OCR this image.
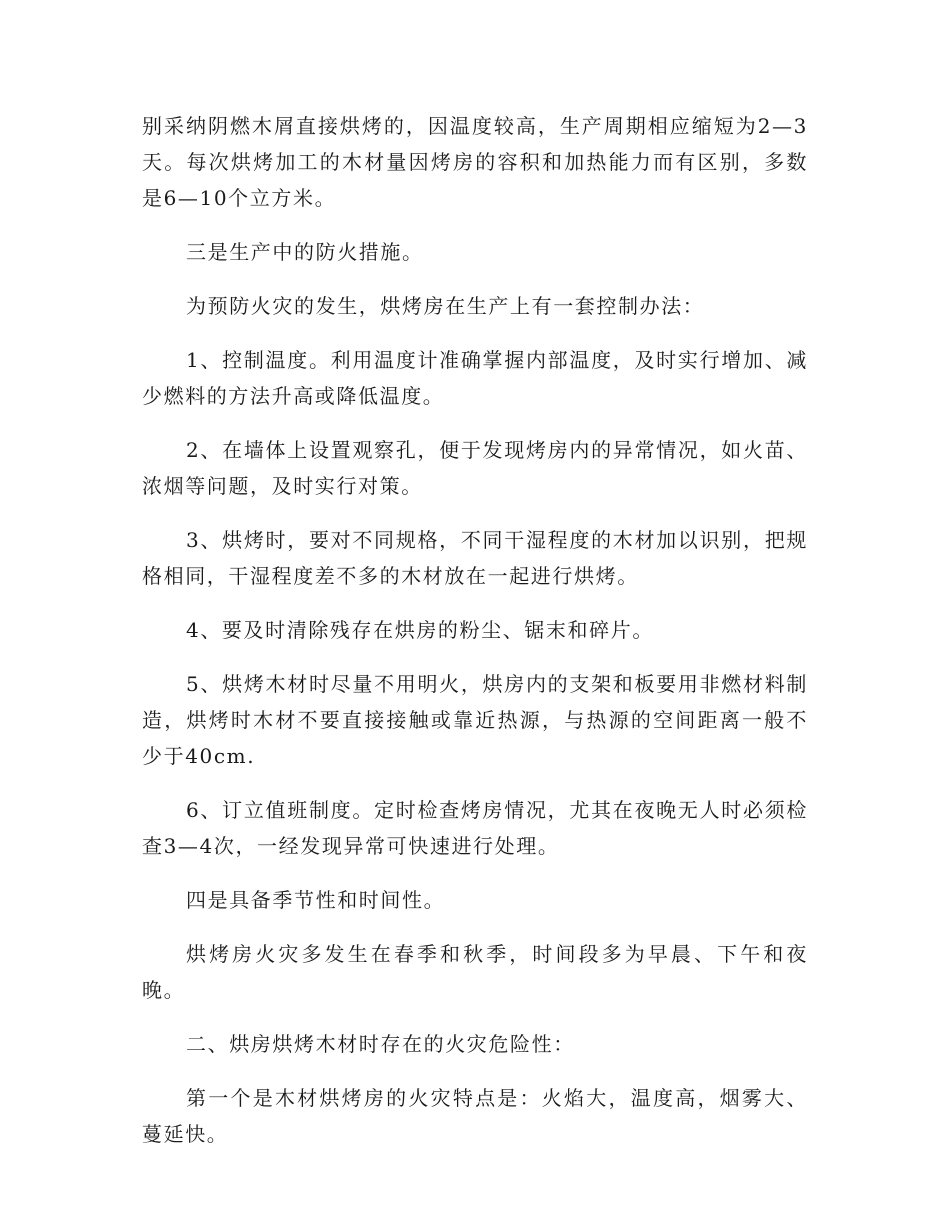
别采纳阴燃木屑直接烘烤的，因温度较高，生产周期相应缩短为2—3天。每次烘烤加工的木材量因烤房的容积和加热能力而有区别，多数是6—10个立方米。

三是生产中的防火措施。

为预防火灾的发生，烘烤房在生产上有一套控制办法：

1、控制温度。利用温度计准确掌握内部温度，及时实行增加、减少燃料的方法升高或降低温度。

2、在墙体上设置观察孔，便于发现烤房内的异常情况，如火苗、浓烟等问题，及时实行对策。

3、烘烤时，要对不同规格，不同干湿程度的木材加以识别，把规格相同，干湿程度差不多的木材放在一起进行烘烤。

4、要及时清除残存在烘房的粉尘、锯末和碎片。

5、烘烤木材时尽量不用明火，烘房内的支架和板要用非燃材料制造，烘烤时木材不要直接接触或靠近热源，与热源的空间距离一般不少于40cm.

6、订立值班制度。定时检查烤房情况，尤其在夜晚无人时必须检查3—4次，一经发现异常可快速进行处理。

四是具备季节性和时间性。

烘烤房火灾多发生在春季和秋季，时间段多为早晨、下午和夜晚。

二、烘房烘烤木材时存在的火灾危险性：

第一个是木材烘烤房的火灾特点是：火焰大，温度高，烟雾大、蔓延快。
